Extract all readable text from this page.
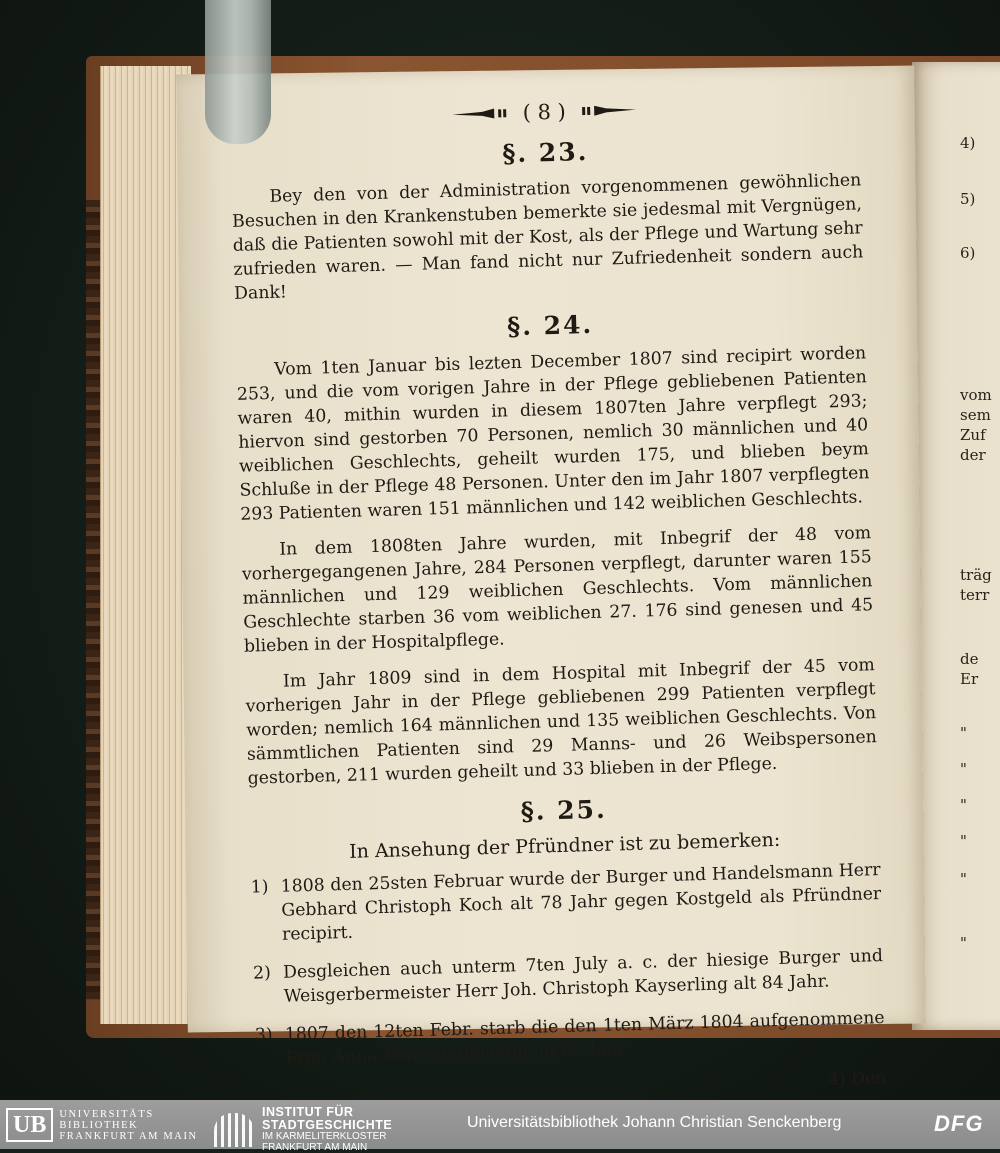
( 8 )
§. 23.

Bey den von der Administration vorgenommenen gewöhnlichen Besuchen in den Krankenstuben bemerkte sie jedesmal mit Vergnügen, daß die Patienten sowohl mit der Kost, als der Pflege und Wartung sehr zufrieden waren. — Man fand nicht nur Zufriedenheit sondern auch Dank!

§. 24.

Vom 1ten Januar bis lezten December 1807 sind recipirt worden 253, und die vom vorigen Jahre in der Pflege gebliebenen Patienten waren 40, mithin wurden in diesem 1807ten Jahre verpflegt 293; hiervon sind gestorben 70 Personen, nemlich 30 männlichen und 40 weiblichen Geschlechts, geheilt wurden 175, und blieben beym Schluße in der Pflege 48 Personen. Unter den im Jahr 1807 verpflegten 293 Patienten waren 151 männlichen und 142 weiblichen Geschlechts.

In dem 1808ten Jahre wurden, mit Inbegrif der 48 vom vorhergegangenen Jahre, 284 Personen verpflegt, darunter waren 155 männlichen und 129 weiblichen Geschlechts. Vom männlichen Geschlechte starben 36 vom weiblichen 27. 176 sind genesen und 45 blieben in der Hospitalpflege.

Im Jahr 1809 sind in dem Hospital mit Inbegrif der 45 vom vorherigen Jahr in der Pflege gebliebenen 299 Patienten verpflegt worden; nemlich 164 männlichen und 135 weiblichen Geschlechts. Von sämmtlichen Patienten sind 29 Manns- und 26 Weibspersonen gestorben, 211 wurden geheilt und 33 blieben in der Pflege.

§. 25.
In Ansehung der Pfründner ist zu bemerken:
1) 1808 den 25sten Februar wurde der Burger und Handelsmann Herr Gebhard Christoph Koch alt 78 Jahr gegen Kostgeld als Pfründner recipirt.
2) Desgleichen auch unterm 7ten July a. c. der hiesige Burger und Weisgerbermeister Herr Joh. Christoph Kayserling alt 84 Jahr.
3) 1807 den 12ten Febr. starb die den 1ten März 1804 aufgenommene Frau Anna Maria Jagemann alt 87 Jahr.
4) Den
4)
5)
6)
vom
sem
Zuf
der
träg
terr
de
Er
"
"
"
"
"
"
UB	UNIVERSITÄTS
BIBLIOTHEK
FRANKFURT AM MAIN
INSTITUT FÜR
STADTGESCHICHTE
IM KARMELITERKLOSTER
FRANKFURT AM MAIN
Universitätsbibliothek Johann Christian Senckenberg	DFG
